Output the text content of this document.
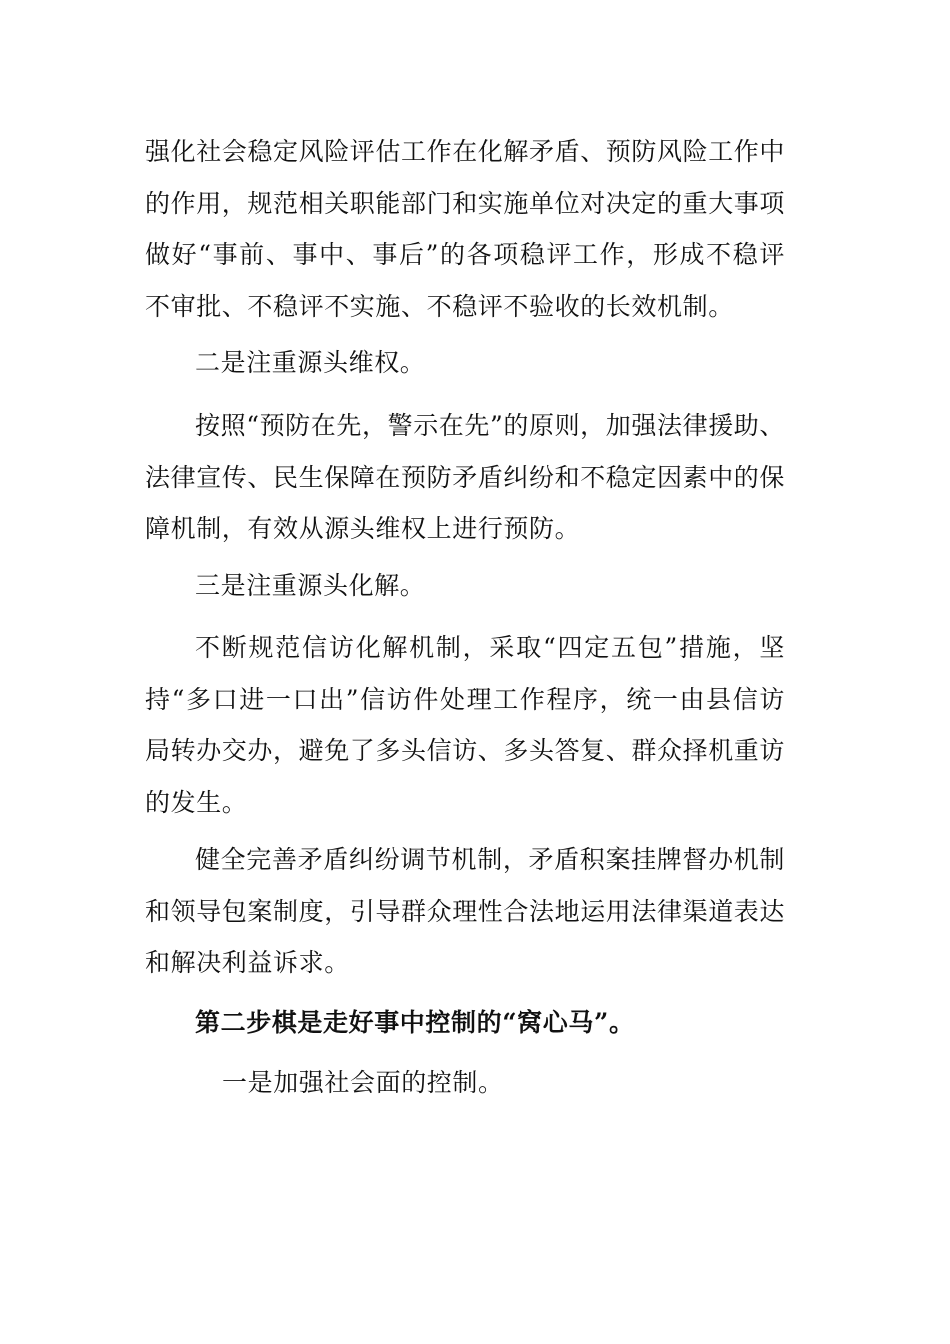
强化社会稳定风险评估工作在化解矛盾、预防风险工作中的作用，规范相关职能部门和实施单位对决定的重大事项做好“事前、事中、事后”的各项稳评工作，形成不稳评不审批、不稳评不实施、不稳评不验收的长效机制。

二是注重源头维权。

按照“预防在先，警示在先”的原则，加强法律援助、法律宣传、民生保障在预防矛盾纠纷和不稳定因素中的保障机制，有效从源头维权上进行预防。

三是注重源头化解。

不断规范信访化解机制，采取“四定五包”措施，坚持“多口进一口出”信访件处理工作程序，统一由县信访局转办交办，避免了多头信访、多头答复、群众择机重访的发生。

健全完善矛盾纠纷调节机制，矛盾积案挂牌督办机制和领导包案制度，引导群众理性合法地运用法律渠道表达和解决利益诉求。

第二步棋是走好事中控制的“窝心马”。

一是加强社会面的控制。
